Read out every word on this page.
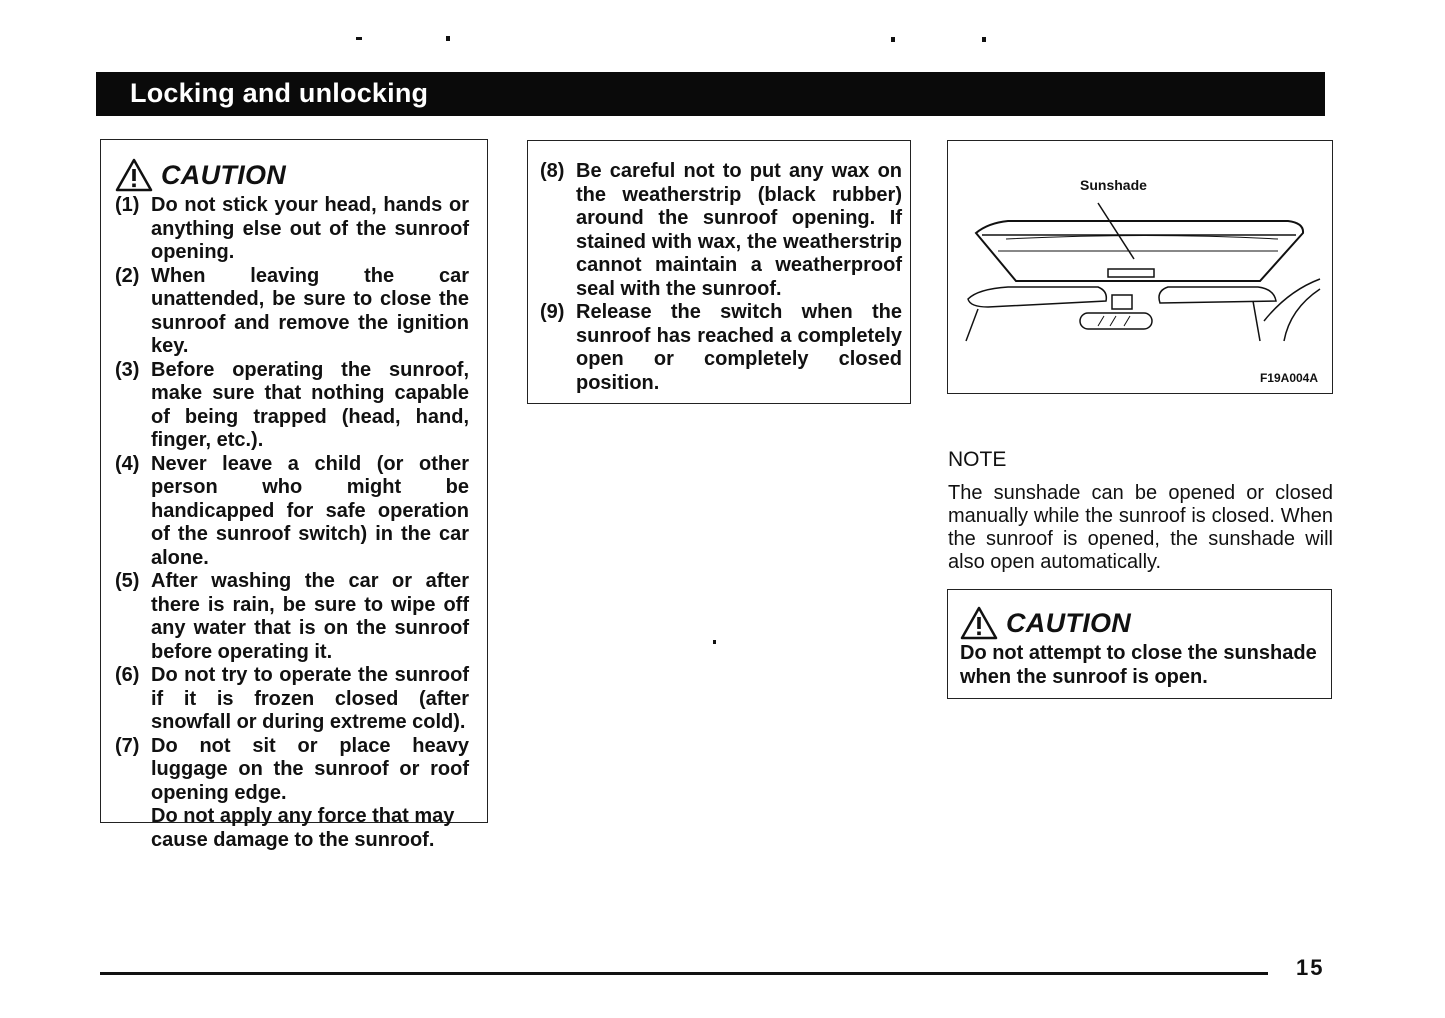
Locking and unlocking
CAUTION
(1) Do not stick your head, hands or anything else out of the sunroof opening.
(2) When leaving the car unattended, be sure to close the sunroof and remove the ignition key.
(3) Before operating the sunroof, make sure that nothing capable of being trapped (head, hand, finger, etc.).
(4) Never leave a child (or other person who might be handicapped for safe operation of the sunroof switch) in the car alone.
(5) After washing the car or after there is rain, be sure to wipe off any water that is on the sunroof before operating it.
(6) Do not try to operate the sunroof if it is frozen closed (after snowfall or during extreme cold).
(7) Do not sit or place heavy luggage on the sunroof or roof opening edge.
Do not apply any force that may cause damage to the sunroof.
(8) Be careful not to put any wax on the weatherstrip (black rubber) around the sunroof opening. If stained with wax, the weatherstrip cannot maintain a weatherproof seal with the sunroof.
(9) Release the switch when the sunroof has reached a completely open or completely closed position.
Sunshade
F19A004A
NOTE
The sunshade can be opened or closed manually while the sunroof is closed. When the sunroof is opened, the sunshade will also open automatically.
CAUTION
Do not attempt to close the sunshade when the sunroof is open.
15
